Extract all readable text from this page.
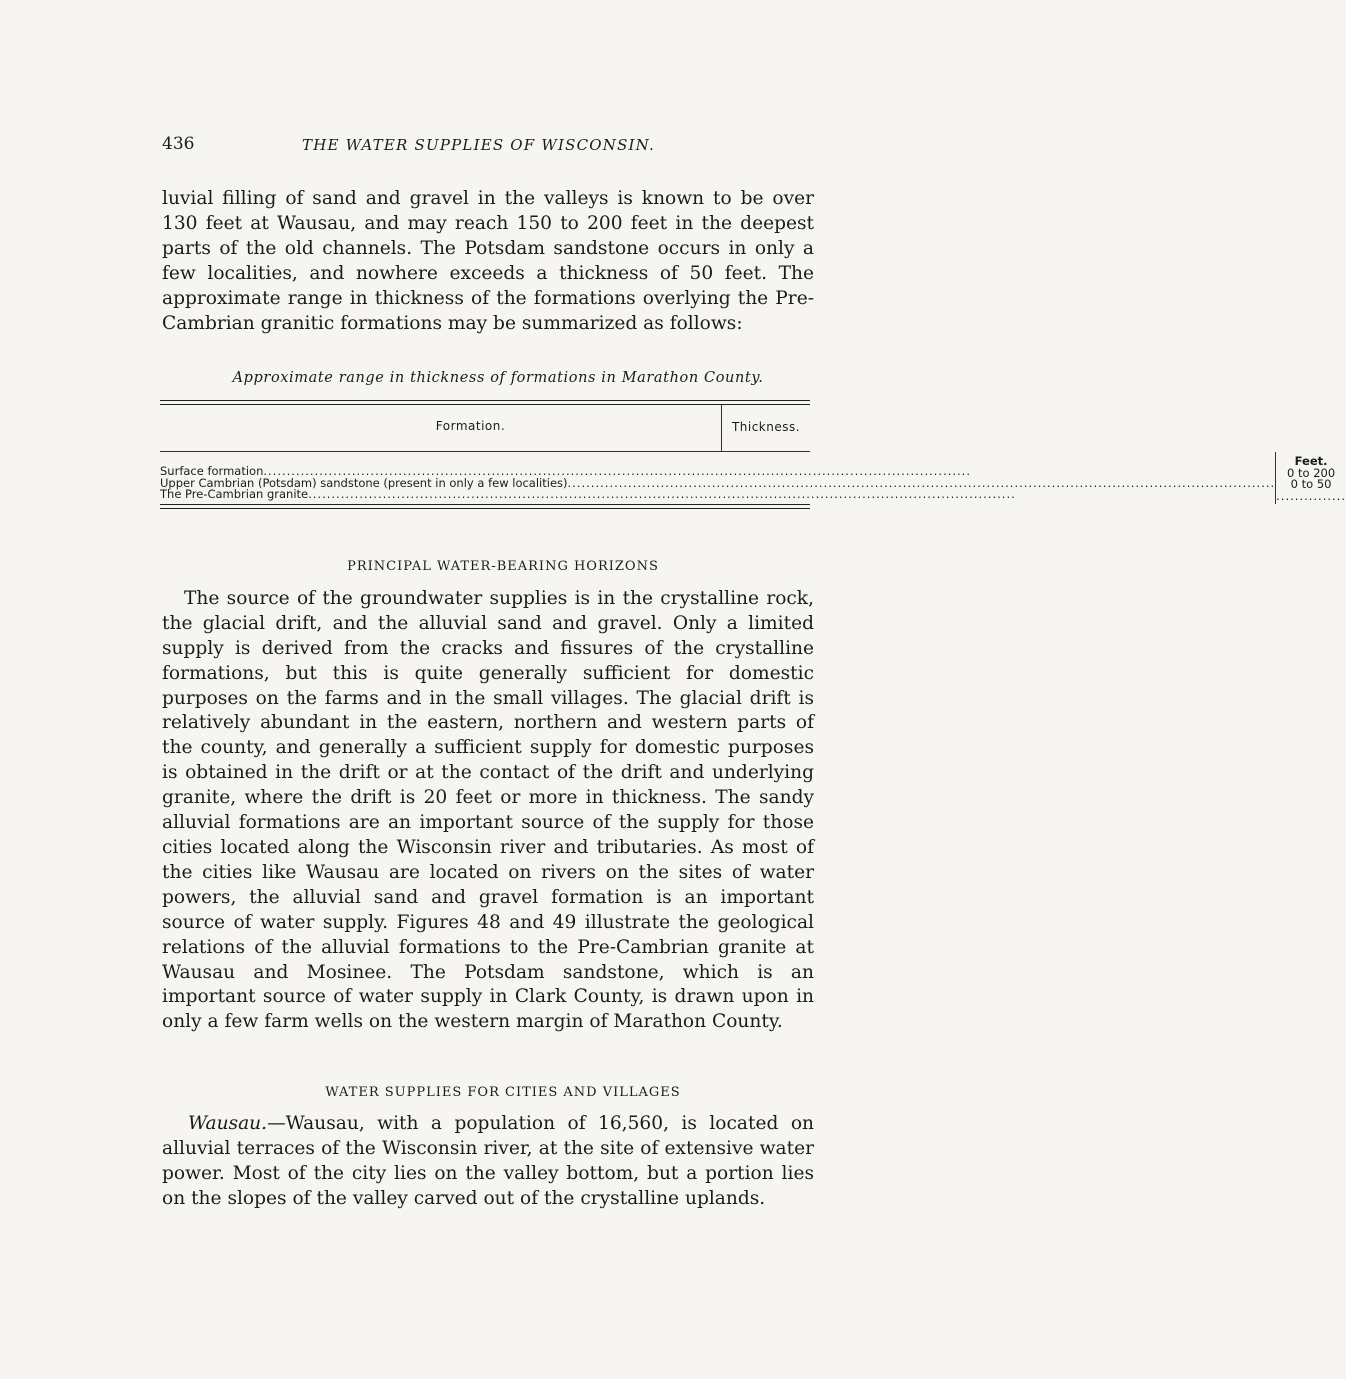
436	THE WATER SUPPLIES OF WISCONSIN.

luvial filling of sand and gravel in the valleys is known to be over 130 feet at Wausau, and may reach 150 to 200 feet in the deepest parts of the old channels. The Potsdam sandstone occurs in only a few localities, and nowhere exceeds a thickness of 50 feet. The approximate range in thickness of the formations overlying the Pre-Cambrian granitic formations may be summarized as follows:

Approximate range in thickness of formations in Marathon County.
Formation.	Thickness.
Surface formation
.....
Upper Cambrian (Potsdam) sandstone (present in only a few localities)
.....
The Pre-Cambrian granite
.....
Feet.
0 to 200
0 to 50
.....
PRINCIPAL WATER-BEARING HORIZONS

The source of the groundwater supplies is in the crystalline rock, the glacial drift, and the alluvial sand and gravel. Only a limited supply is derived from the cracks and fissures of the crystalline formations, but this is quite generally sufficient for domestic purposes on the farms and in the small villages. The glacial drift is relatively abundant in the eastern, northern and western parts of the county, and generally a sufficient supply for domestic purposes is obtained in the drift or at the contact of the drift and underlying granite, where the drift is 20 feet or more in thickness. The sandy alluvial formations are an important source of the supply for those cities located along the Wisconsin river and tributaries. As most of the cities like Wausau are located on rivers on the sites of water powers, the alluvial sand and gravel formation is an important source of water supply. Figures 48 and 49 illustrate the geological relations of the alluvial formations to the Pre-Cambrian granite at Wausau and Mosinee. The Potsdam sandstone, which is an important source of water supply in Clark County, is drawn upon in only a few farm wells on the western margin of Marathon County.

WATER SUPPLIES FOR CITIES AND VILLAGES

Wausau.—Wausau, with a population of 16,560, is located on alluvial terraces of the Wisconsin river, at the site of extensive water power. Most of the city lies on the valley bottom, but a portion lies on the slopes of the valley carved out of the crystalline uplands.
